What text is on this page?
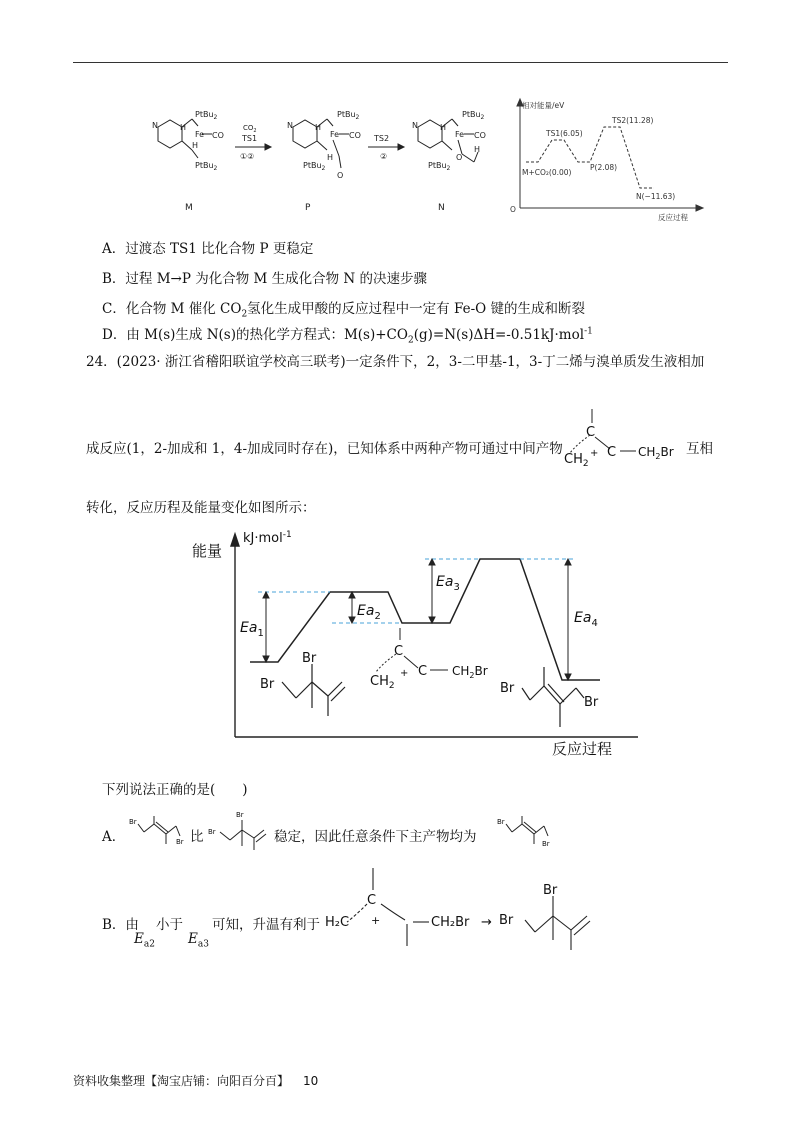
N	H
Fe
H
CO
PtBu$_2$
PtBu$_2$
M
TS1
①②
$CO_2$
N	H
Fe CO
H
O
PtBu$_2$
PtBu$_2$
P
TS2
②
N	H
Fe CO
O
H
PtBu$_2$
PtBu$_2$
N
相对能量/eV
反应过程
O
M+CO₂(0.00)
TS1(6.05)
P(2.08)
TS2(11.28)
N(−11.63)
A．过渡态 TS1 比化合物 P 更稳定
B．过程 M→P 为化合物 M 生成化合物 N 的决速步骤
C．化合物 M 催化 $CO_2$氢化生成甲酸的反应过程中一定有 Fe-O 键的生成和断裂
D．由 M(s)生成 N(s)的热化学方程式：$M(s)+CO_2(g)=N(s)\Delta H=-0.51kJ\cdot mol^{-1}$
24．(2023· 浙江省稽阳联谊学校高三联考)一定条件下，2，3-二甲基-1，3-丁二烯与溴单质发生液相加
成反应(1，2-加成和 1，4-加成同时存在)，已知体系中两种产物可通过中间产物
C
$CH_2$
+ C $CH_2Br$ 互相
转化，反应历程及能量变化如图所示：
$Ea_1$
$Ea_2$
$Ea_3$
$Ea_4$
能量
kJ·mol$^{-1}$
反应过程
Br
Br	C
$CH_2$
+ C $CH_2Br$
Br
Br
下列说法正确的是(　　)
A．
Br
Br 比 Br
Br
稳定，因此任意条件下主产物均为
Br
Br
B．由
$E_{a2}$
小于
$E_{a3}$
可知，升温有利于 H₂C
C
+	CH₂Br → Br
Br
资料收集整理【淘宝店铺：向阳百分百】 10
